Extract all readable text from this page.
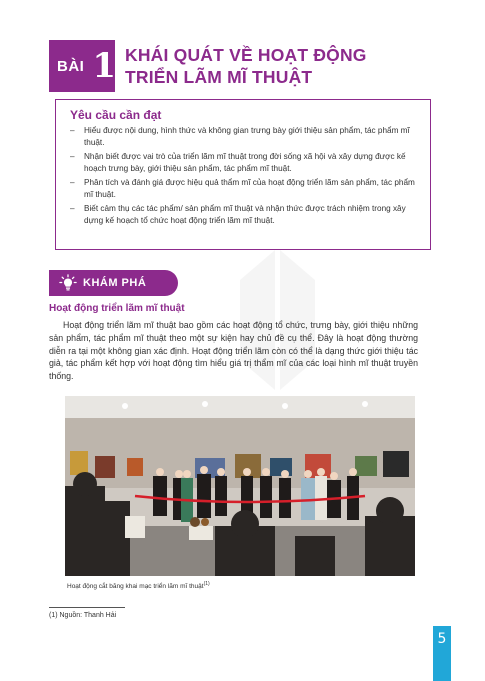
BÀI 1 KHÁI QUÁT VỀ HOẠT ĐỘNG TRIỂN LÃM MĨ THUẬT
Yêu cầu cần đạt
– Hiểu được nội dung, hình thức và không gian trưng bày giới thiệu sản phẩm, tác phẩm mĩ thuật.
– Nhận biết được vai trò của triển lãm mĩ thuật trong đời sống xã hội và xây dựng được kế hoạch trưng bày, giới thiệu sản phẩm, tác phẩm mĩ thuật.
– Phân tích và đánh giá được hiệu quả thẩm mĩ của hoạt động triển lãm sản phẩm, tác phẩm mĩ thuật.
– Biết cảm thụ các tác phẩm/ sản phẩm mĩ thuật và nhận thức được trách nhiệm trong xây dựng kế hoạch tổ chức hoạt động triển lãm mĩ thuật.
KHÁM PHÁ
Hoạt động triển lãm mĩ thuật

Hoạt động triển lãm mĩ thuật bao gồm các hoạt động tổ chức, trưng bày, giới thiệu những sản phẩm, tác phẩm mĩ thuật theo một sự kiện hay chủ đề cụ thể. Đây là hoạt động thường diễn ra tại một không gian xác định. Hoạt động triển lãm còn có thể là dạng thức giới thiệu tác giả, tác phẩm kết hợp với hoạt động tìm hiểu giá trị thẩm mĩ của các loại hình mĩ thuật truyền thống.

Hoạt động cắt băng khai mạc triển lãm mĩ thuật$^{(1)}$
(1) Nguồn: Thanh Hải
5
